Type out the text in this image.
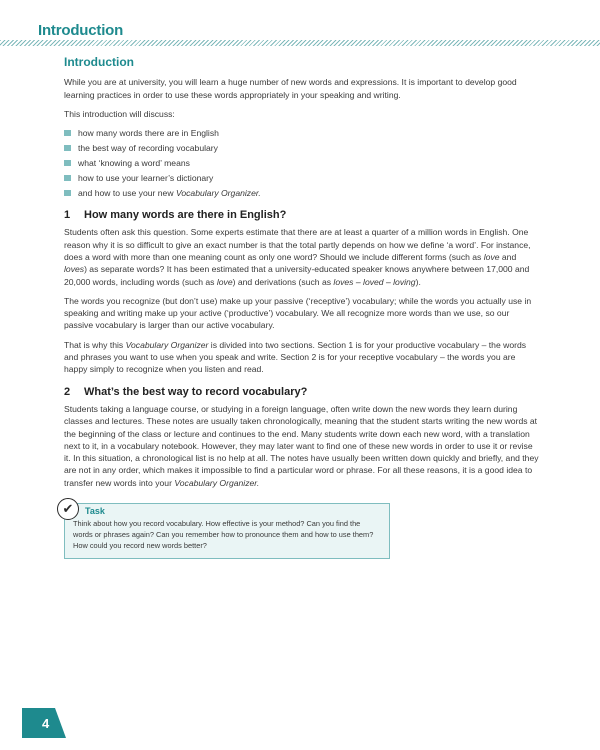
Introduction
Introduction

While you are at university, you will learn a huge number of new words and expressions. It is important to develop good learning practices in order to use these words appropriately in your speaking and writing.

This introduction will discuss:

how many words there are in English
the best way of recording vocabulary
what ‘knowing a word’ means
how to use your learner’s dictionary
and how to use your new Vocabulary Organizer.
1 How many words are there in English?

Students often ask this question. Some experts estimate that there are at least a quarter of a million words in English. One reason why it is so difficult to give an exact number is that the total partly depends on how we define ‘a word’. For instance, does a word with more than one meaning count as only one word? Should we include different forms (such as love and loves) as separate words? It has been estimated that a university-educated speaker knows anywhere between 17,000 and 20,000 words, including words (such as love) and derivations (such as loves – loved – loving).

The words you recognize (but don’t use) make up your passive (‘receptive’) vocabulary; while the words you actually use in speaking and writing make up your active (‘productive’) vocabulary. We all recognize more words than we use, so our passive vocabulary is larger than our active vocabulary.

That is why this Vocabulary Organizer is divided into two sections. Section 1 is for your productive vocabulary – the words and phrases you want to use when you speak and write. Section 2 is for your receptive vocabulary – the words you are happy simply to recognize when you listen and read.

2 What’s the best way to record vocabulary?

Students taking a language course, or studying in a foreign language, often write down the new words they learn during classes and lectures. These notes are usually taken chronologically, meaning that the student starts writing the new words at the beginning of the class or lecture and continues to the end. Many students write down each new word, with a translation next to it, in a vocabulary notebook. However, they may later want to find one of these new words in order to use it or revise it. In this situation, a chronological list is no help at all. The notes have usually been written down quickly and briefly, and they are not in any order, which makes it impossible to find a particular word or phrase. For all these reasons, it is a good idea to transfer new words into your Vocabulary Organizer.

✔	Task
Think about how you record vocabulary. How effective is your method? Can you find the words or phrases again? Can you remember how to pronounce them and how to use them? How could you record new words better?
4
